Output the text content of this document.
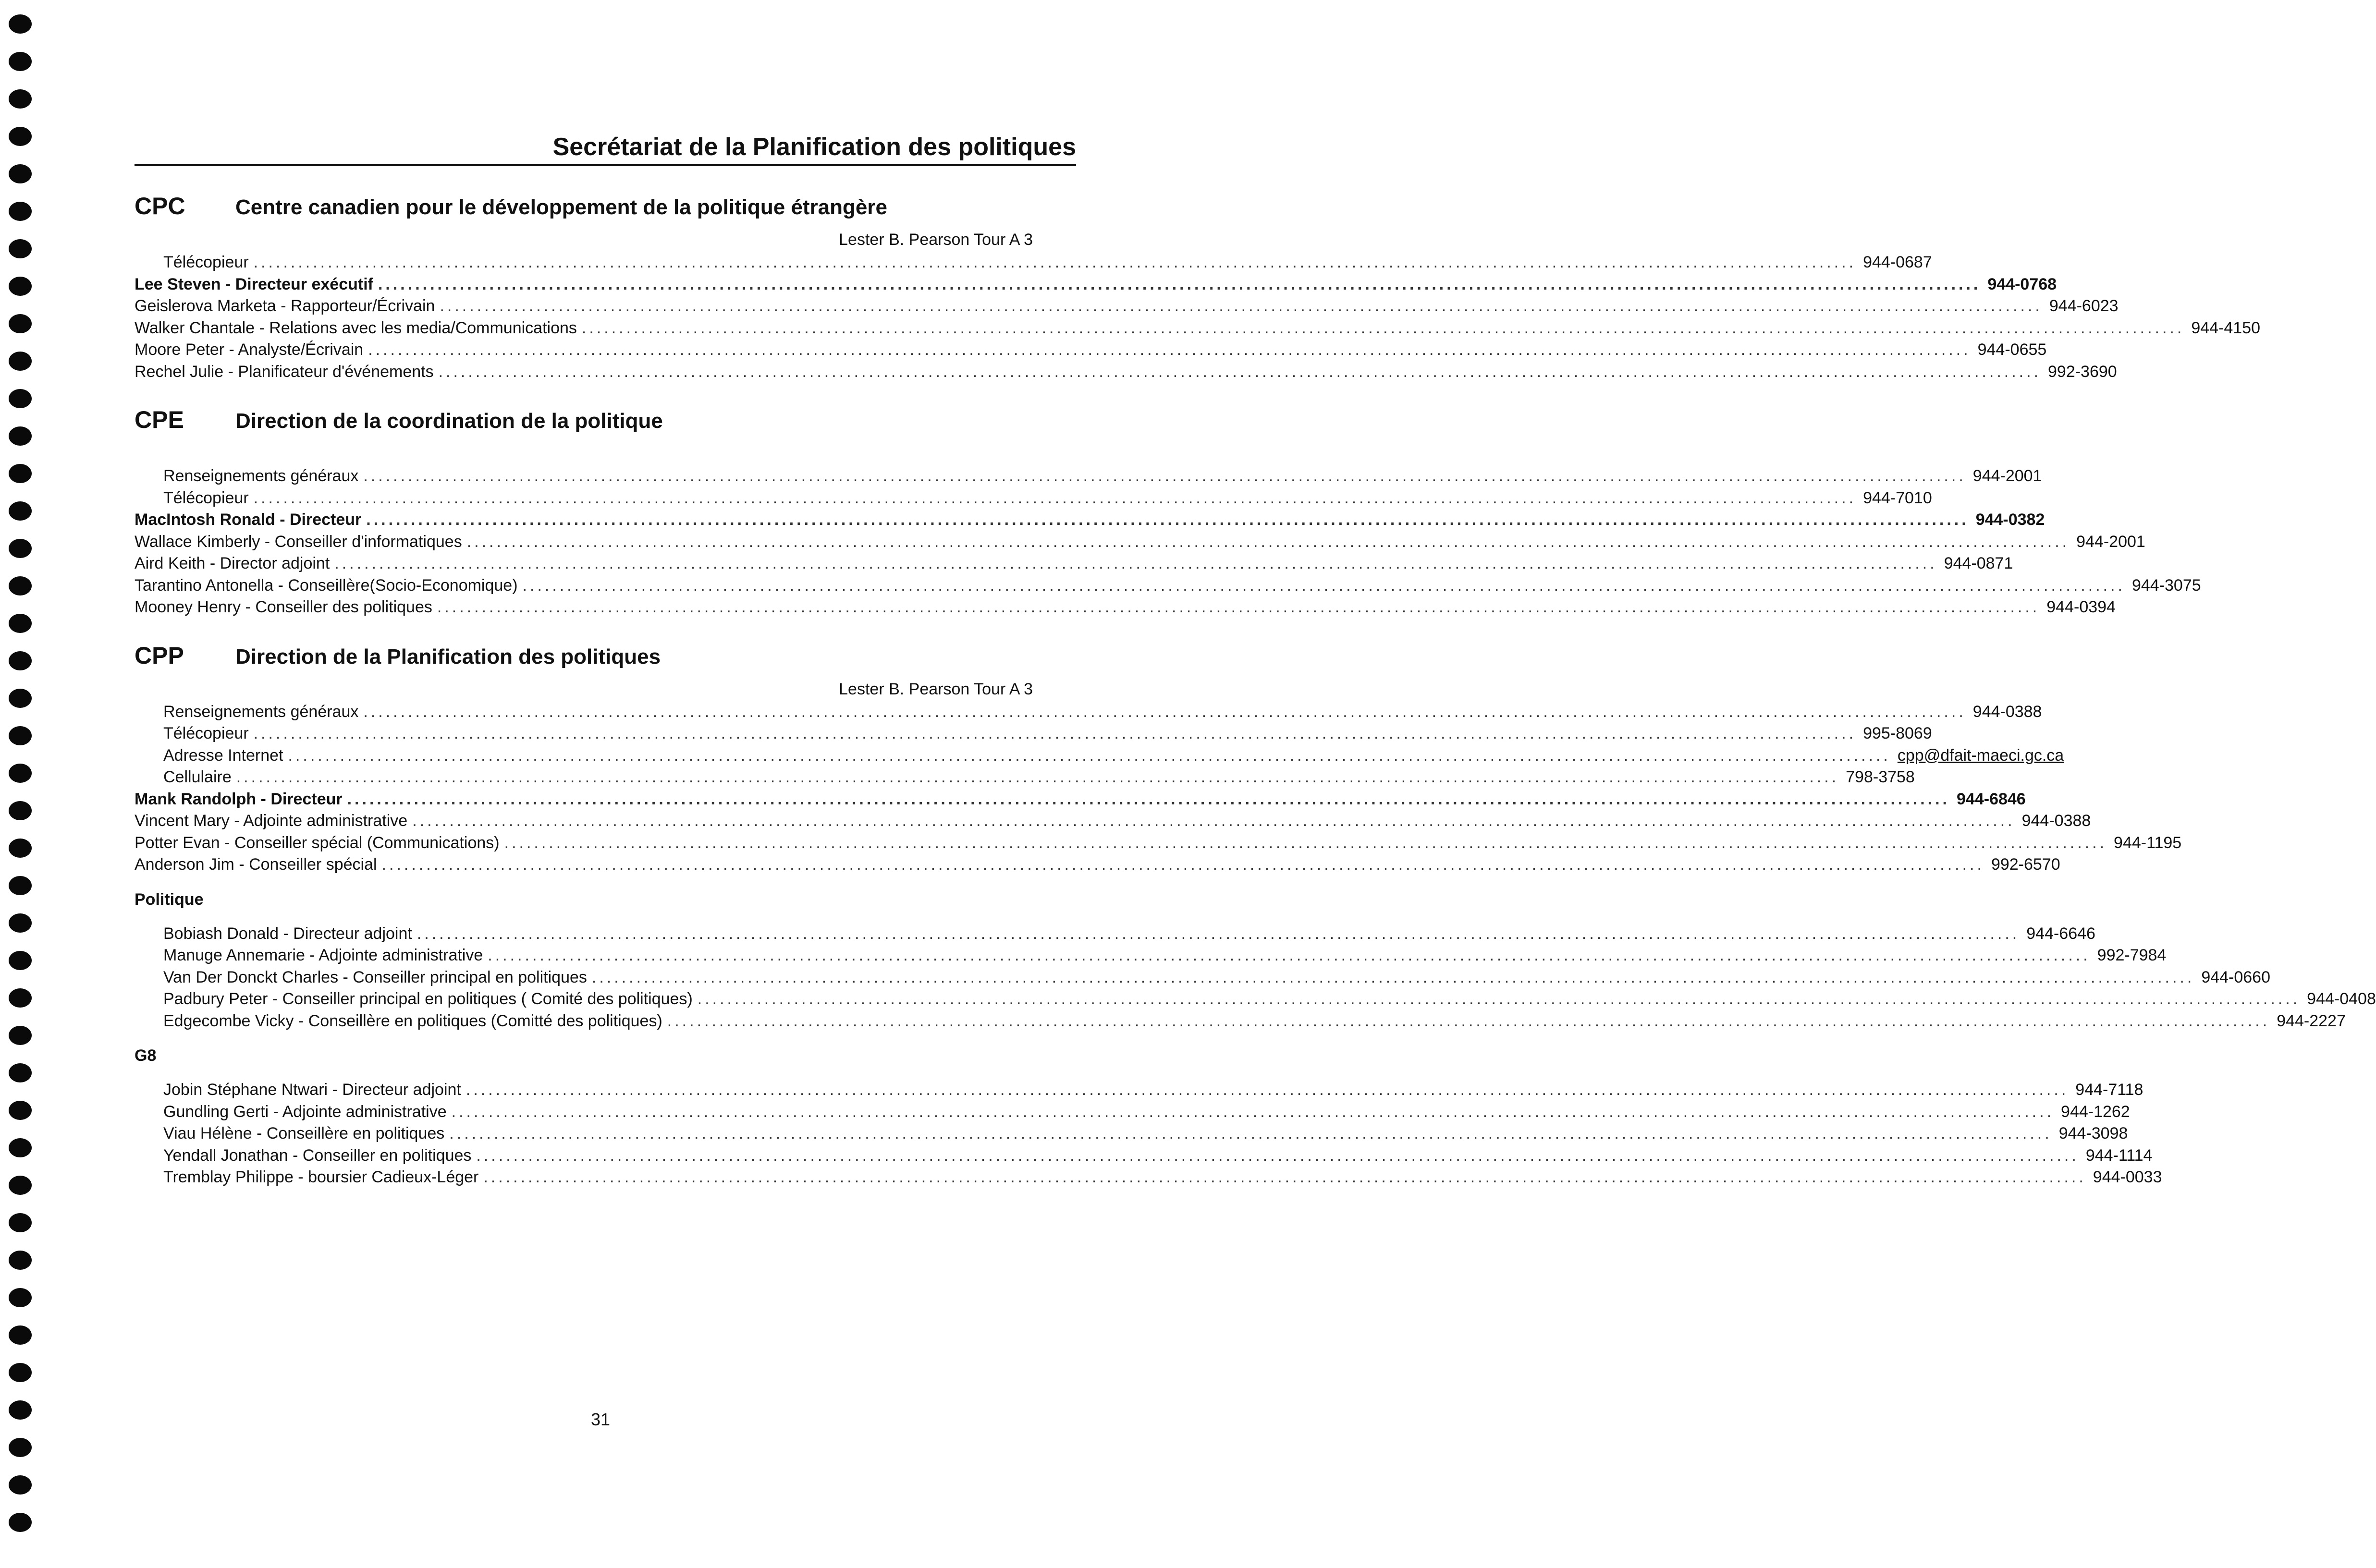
Secrétariat de la Planification des politiques
CPC	Centre canadien pour le développement de la politique étrangère
Lester B. Pearson Tour A 3
Télécopieur ........................................................................................................................................................................................................................ 944-0687
Lee Steven - Directeur exécutif ........................................................................................................................................................................................................................ 944-0768
Geislerova Marketa - Rapporteur/Écrivain ........................................................................................................................................................................................................................ 944-6023
Walker Chantale - Relations avec les media/Communications ........................................................................................................................................................................................................................ 944-4150
Moore Peter - Analyste/Écrivain ........................................................................................................................................................................................................................ 944-0655
Rechel Julie - Planificateur d'événements ........................................................................................................................................................................................................................ 992-3690
CPE	Direction de la coordination de la politique
Renseignements généraux ........................................................................................................................................................................................................................ 944-2001
Télécopieur ........................................................................................................................................................................................................................ 944-7010
MacIntosh Ronald - Directeur ........................................................................................................................................................................................................................ 944-0382
Wallace Kimberly - Conseiller d'informatiques ........................................................................................................................................................................................................................ 944-2001
Aird Keith - Director adjoint ........................................................................................................................................................................................................................ 944-0871
Tarantino Antonella - Conseillère(Socio-Economique) ........................................................................................................................................................................................................................ 944-3075
Mooney Henry - Conseiller des politiques ........................................................................................................................................................................................................................ 944-0394
CPP	Direction de la Planification des politiques
Lester B. Pearson Tour A 3
Renseignements généraux ........................................................................................................................................................................................................................ 944-0388
Télécopieur ........................................................................................................................................................................................................................ 995-8069
Adresse Internet ........................................................................................................................................................................................................................ cpp@dfait-maeci.gc.ca
Cellulaire ........................................................................................................................................................................................................................ 798-3758
Mank Randolph - Directeur ........................................................................................................................................................................................................................ 944-6846
Vincent Mary - Adjointe administrative ........................................................................................................................................................................................................................ 944-0388
Potter Evan - Conseiller spécial (Communications) ........................................................................................................................................................................................................................ 944-1195
Anderson Jim - Conseiller spécial ........................................................................................................................................................................................................................ 992-6570
Politique
Bobiash Donald - Directeur adjoint ........................................................................................................................................................................................................................ 944-6646
Manuge Annemarie - Adjointe administrative ........................................................................................................................................................................................................................ 992-7984
Van Der Donckt Charles - Conseiller principal en politiques ........................................................................................................................................................................................................................ 944-0660
Padbury Peter - Conseiller principal en politiques ( Comité des politiques) ........................................................................................................................................................................................................................ 944-0408
Edgecombe Vicky - Conseillère en politiques (Comitté des politiques) ........................................................................................................................................................................................................................ 944-2227
G8
Jobin Stéphane Ntwari - Directeur adjoint ........................................................................................................................................................................................................................ 944-7118
Gundling Gerti - Adjointe administrative ........................................................................................................................................................................................................................ 944-1262
Viau Hélène - Conseillère en politiques ........................................................................................................................................................................................................................ 944-3098
Yendall Jonathan - Conseiller en politiques ........................................................................................................................................................................................................................ 944-1114
Tremblay Philippe - boursier Cadieux-Léger ........................................................................................................................................................................................................................ 944-0033
31
